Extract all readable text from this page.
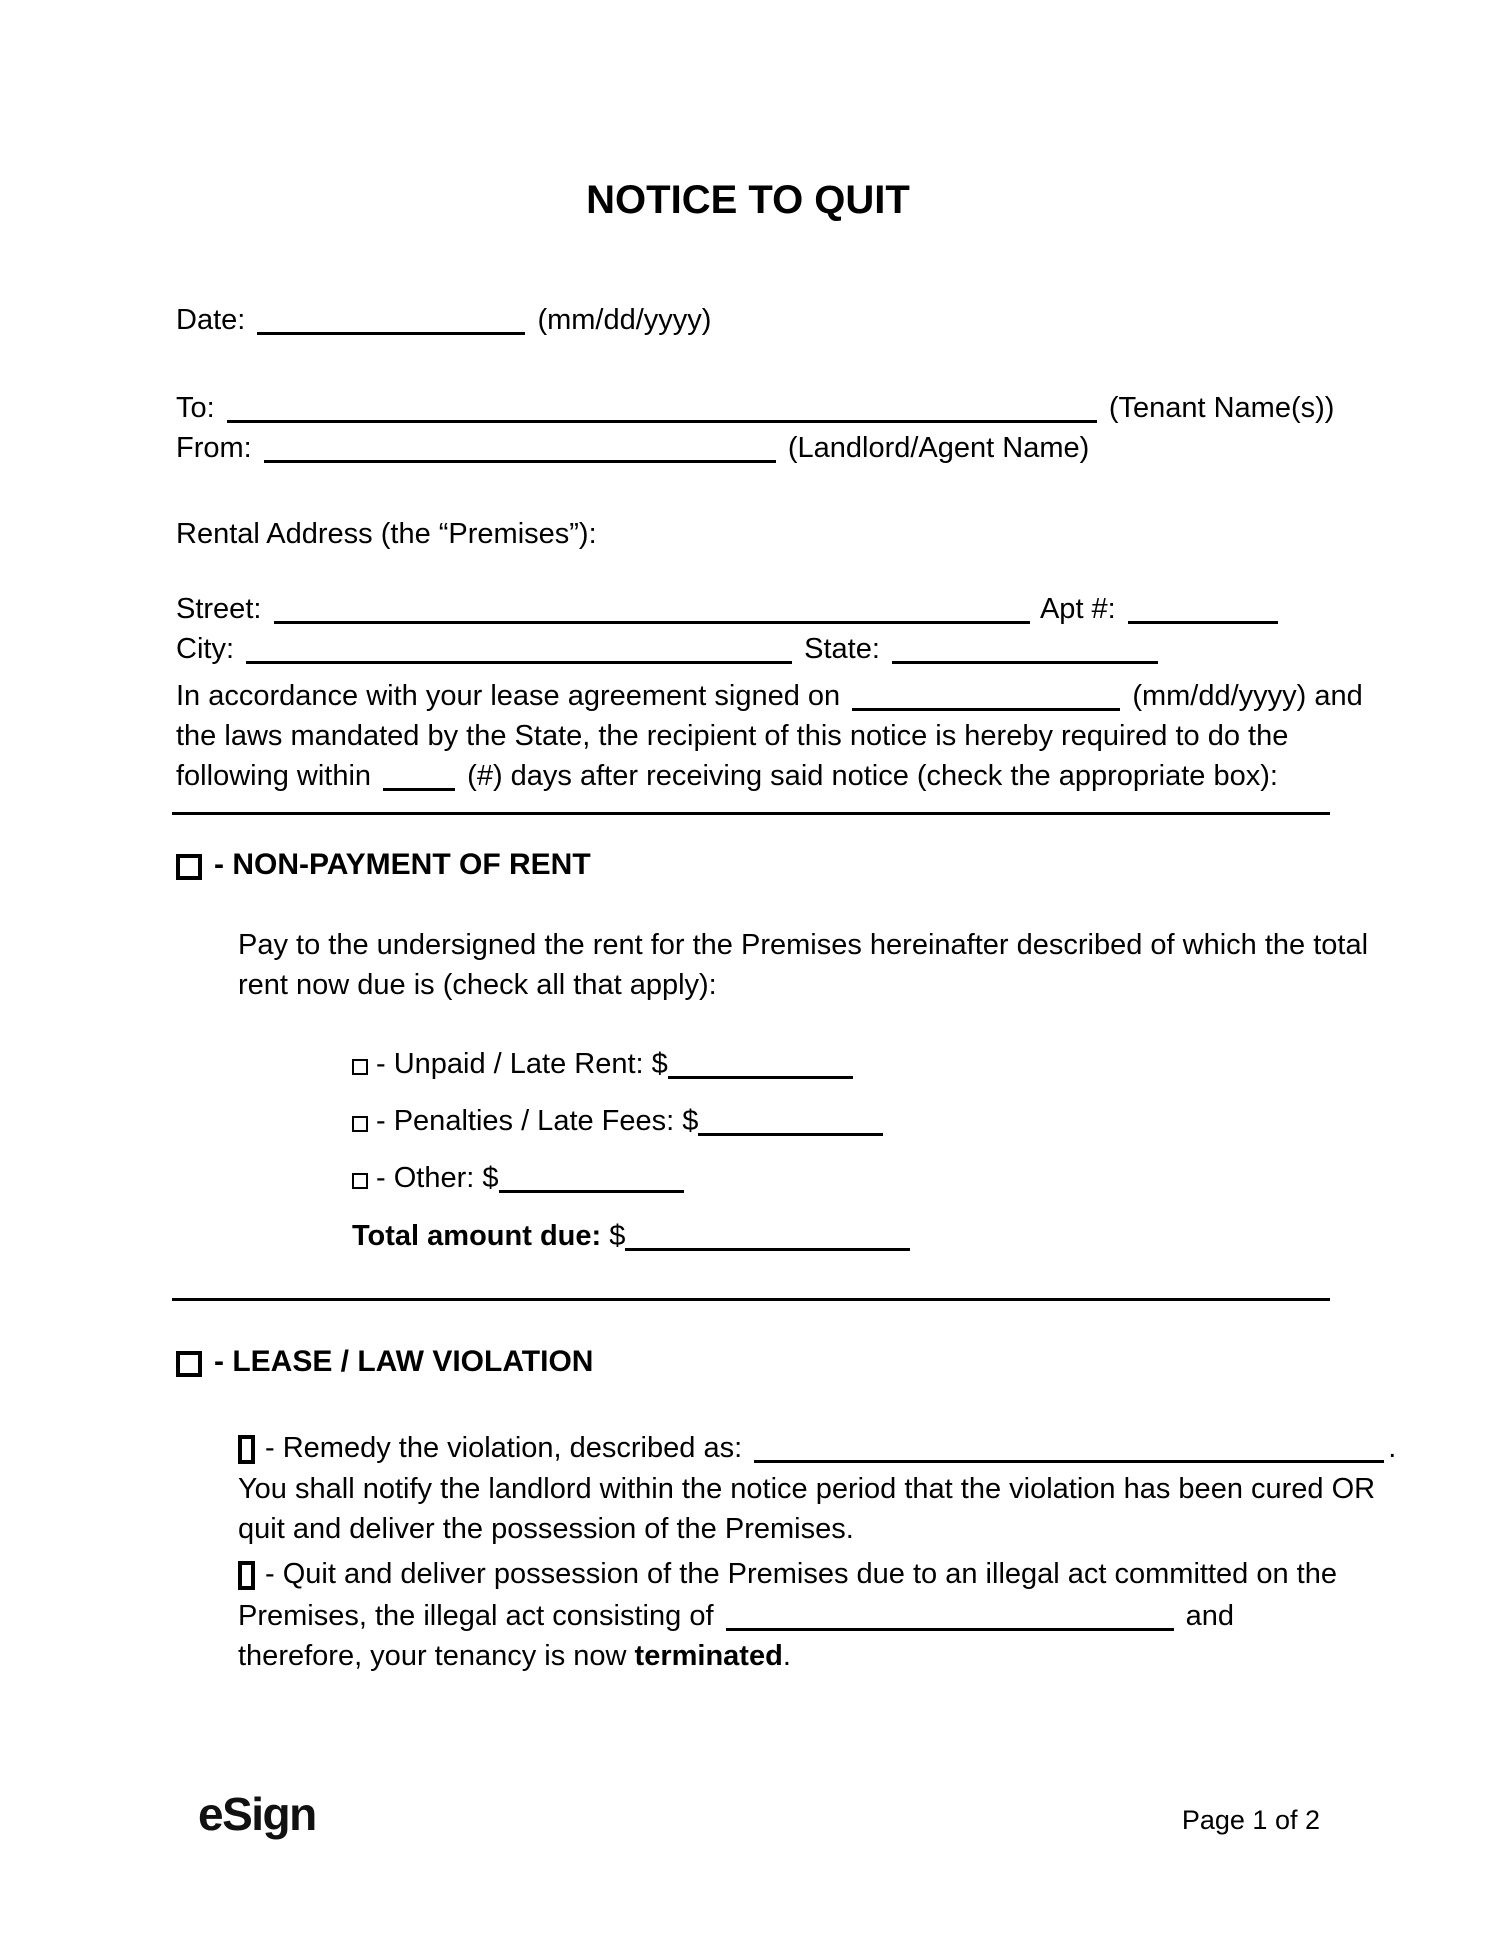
NOTICE TO QUIT
Date:	(mm/dd/yyyy)
To:	(Tenant Name(s))
From:	(Landlord/Agent Name)
Rental Address (the “Premises”):
Street:	Apt #:
City:	State:
In accordance with your lease agreement signed on	(mm/dd/yyyy) and
the laws mandated by the State, the recipient of this notice is hereby required to do the
following within	(#) days after receiving said notice (check the appropriate box):
- NON-PAYMENT OF RENT
Pay to the undersigned the rent for the Premises hereinafter described of which the total
rent now due is (check all that apply):
- Unpaid / Late Rent: $
- Penalties / Late Fees: $
- Other: $
Total amount due: $
- LEASE / LAW VIOLATION
- Remedy the violation, described as:	.
You shall notify the landlord within the notice period that the violation has been cured OR
quit and deliver the possession of the Premises.
- Quit and deliver possession of the Premises due to an illegal act committed on the
Premises, the illegal act consisting of	and
therefore, your tenancy is now terminated.
eSign	Page 1 of 2
